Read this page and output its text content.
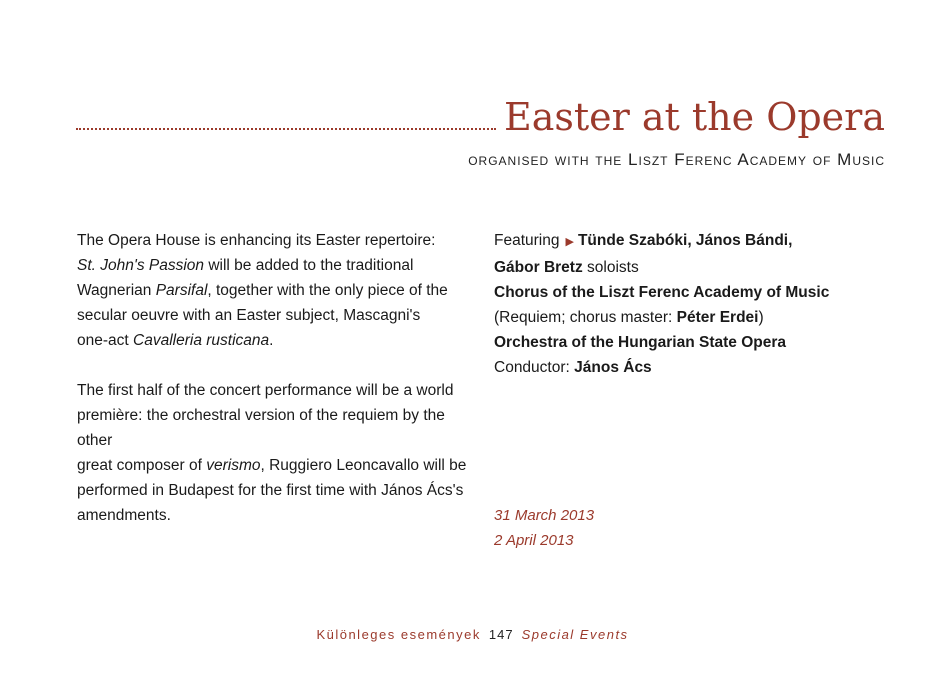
Easter at the Opera
organised with the Liszt Ferenc Academy of Music
The Opera House is enhancing its Easter repertoire:
St. John's Passion will be added to the traditional
Wagnerian Parsifal, together with the only piece of the
secular oeuvre with an Easter subject, Mascagni's
one-act Cavalleria rusticana.
The first half of the concert performance will be a world
première: the orchestral version of the requiem by the other
great composer of verismo, Ruggiero Leoncavallo will be
performed in Budapest for the first time with János Ács's
amendments.
Featuring ▶ Tünde Szabóki, János Bándi,
Gábor Bretz soloists
Chorus of the Liszt Ferenc Academy of Music
(Requiem; chorus master: Péter Erdei)
Orchestra of the Hungarian State Opera
Conductor: János Ács
31 March 2013
2 April 2013
Különleges események 147 Special Events
